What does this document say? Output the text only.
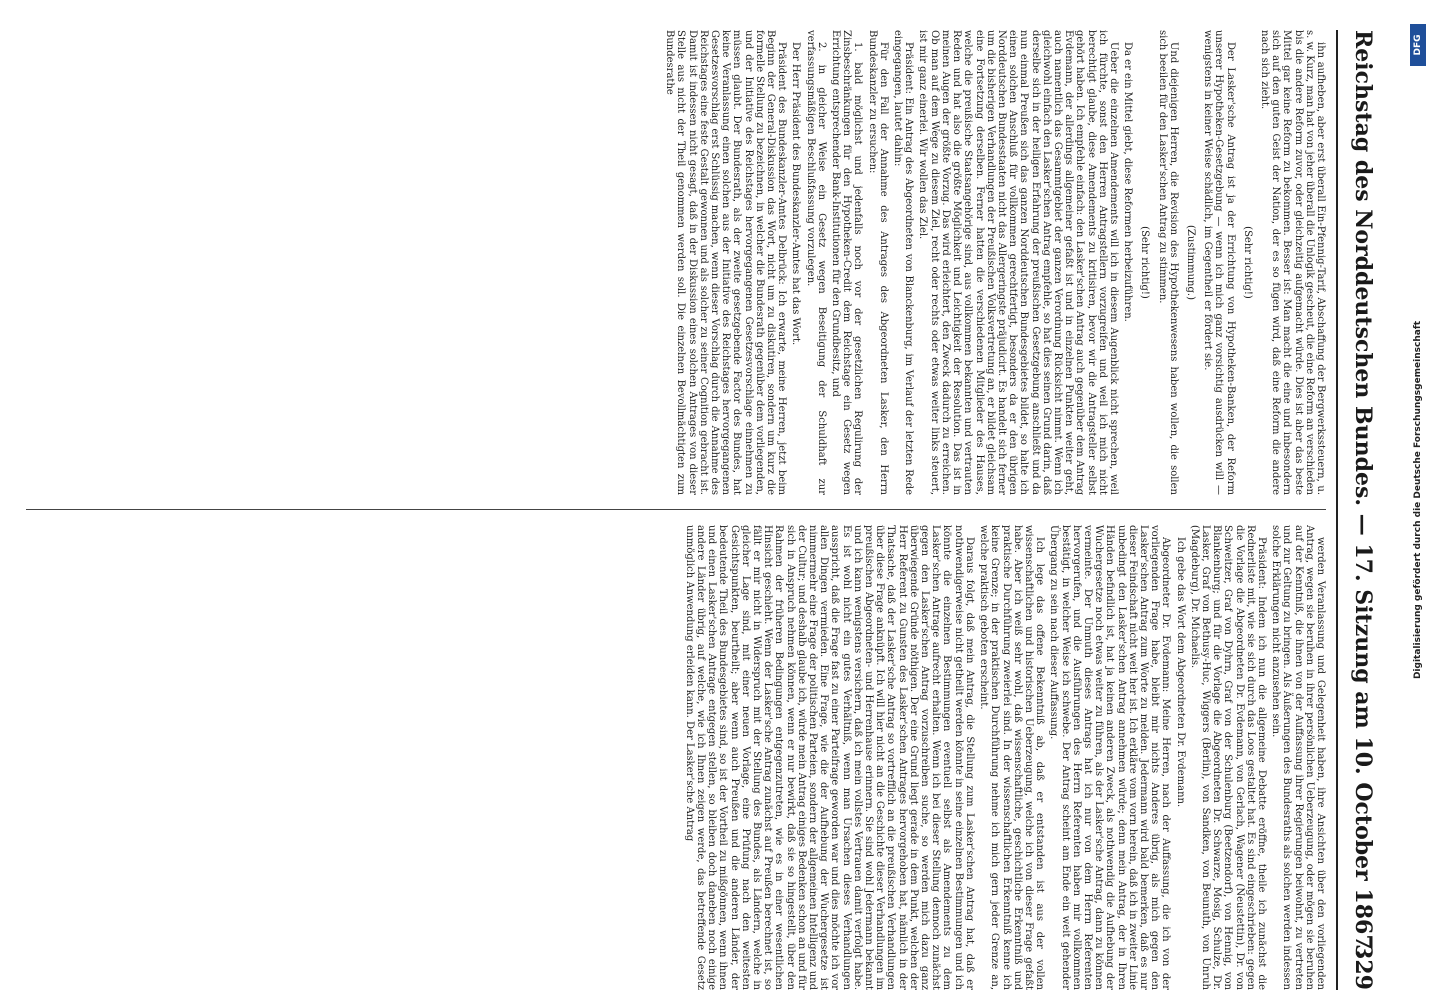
Reichstag des Norddeutschen Bundes. — 17. Sitzung am 10. October 1867.
329

ihn aufheben, aber erst überall Ein-Pfennig-Tarif, Abschaffung der Bergwerkssteuern, u. s. w. Kurz, man hat von jeher überall die Unlogik gescheut, die eine Reform an verschieden bis die andere Reform zuvor, oder gleichzeitig aufgemacht würde. Dies ist aber das beste Mittel gar keine Reform zu bekommen. Besser ist: Man macht die eine und inbesondern sich auf den guten Geist der Nation, der es so fügen wird, daß eine Reform die andere nach sich zieht.

(Sehr richtig!)

Der Lasker'sche Antrag ist ja der Errichtung von Hypotheken-Banken, der Reform unserer Hypotheken-Gesetzgebung — wenn ich mich ganz vorsichtig ausdrücken will — wenigstens in keiner Weise schädlich, im Gegentheil er fördert sie.

(Zustimmung.)

Und diejenigen Herren, die Revision des Hypothekenwesens haben wollen, die sollen sich beeilen für den Lasker'schen Antrag zu stimmen.

(Sehr richtig!)

Da er ein Mittel giebt, diese Reformen herbeizuführen.

Ueber die einzelnen Amendements will ich in diesem Augenblick nicht sprechen, weil ich fürchte, sonst den Herren Antragstellern vorzugreifen und weil ich mich nicht berechtigt glaube, diese Amendements zu kritisiren, bevor wir die Antragsteller selbst gehört haben. Ich empfehle einfach: den Lasker'schen Antrag auch gegenüber dem Antrag Evdemann, der allerdings allgemeiner gefaßt ist und in einzelnen Punkten weiter geht, auch namentlich das Gesammtgebiet der ganzen Verordnung Rücksicht nimmt. Wenn ich gleichwohl einfach den Lasker'schen Antrag empfehle, so hat dies seinen Grund darin, daß derselbe sich in der heiligen Erfahrung der preußischen Gesetzgebung anschließt und da nun einmal Preußen sich das ganzen Norddeutschen Bundesgebietes bildet, so halte ich einen solchen Anschluß für vollkommen gerechtfertigt, besonders da er den übrigen Norddeutschen Bundesstaaten nicht das Allergeringste präjudicirt. Es handelt sich ferner um die bisherigen Verhandlungen der Preußischen Volksvertretung an, er bildet gleichsam eine Fortsetzung derselben. Ferner hatten die verschiedenen Mitglieder des Hauses, welche die preußische Staatsangehörige sind, aus vollkommen bekannten und vertrauten Reden und hat also die größte Möglichkeit und Leichtigkeit der Resolution. Das ist in meinen Augen der größte Vorzug. Das wird erleichtert, den Zweck dadurch zu erreichen. Ob man auf dem Wege zu diesem Ziel, recht oder rechts oder etwas weiter links steuert, ist mir ganz einerlei. Wir wollen das Ziel.

Präsident: Ein Antrag des Abgeordneten von Blanckenburg, im Verlauf der letzten Rede eingegangen, lautet dahin:

Für den Fall der Annahme des Antrages des Abgeordneten Lasker, den Herrn Bundeskanzler zu ersuchen:

1. bald möglichst und jedenfalls noch vor der gesetzlichen Regulirung der Zinsbeschränkungen für den Hypotheken-Credit dem Reichstage ein Gesetz wegen Errichtung entsprechender Bank-Institutionen für den Grundbesitz, und

2. in gleicher Weise ein Gesetz wegen Beseitigung der Schuldhaft zur verfassungsmäßigen Beschlußfassung vorzulegen.

Der Herr Präsident des Bundeskanzler-Amtes hat das Wort.

Präsident des Bundeskanzler-Amtes Delbrück: Ich erwarte, meine Herren, jetzt beim Beginn der General-Diskussion das Wort, nicht um zu diskutiren, sondern um kurz die formelle Stellung zu bezeichnen, in welcher die Bundesrath gegenüber dem vorliegenden, und der Initiative des Reichstages hervorgegangenen Gesetzesvorschlage einnehmen zu müssen glaubt. Der Bundesrath, als der zweite gesetzgebende Factor des Bundes, hat keine Veranlassung einen solchen aus der Initiative des Reichstages hervorgegangenen Gesetzesvorschlag erst Schlüssig machen, wenn dieser Vorschlag durch die Annahme des Reichstages eine feste Gestalt gewonnen und als solcher zu seiner Cognition gebracht ist. Damit ist indessen nicht gesagt, daß in der Diskussion eines solchen Antrages von dieser Stelle aus nicht der Theil genommen werden soll. Die einzelnen Bevollmächtigten zum Bundesrathe

werden Veranlassung und Gelegenheit haben, ihre Ansichten über den vorliegenden Antrag, wegen sie beruhen in ihrer persönlichen Ueberzeugung, oder mögen sie beruhen auf der Kenntniß, die ihnen von der Auffassung ihrer Regierungen beiwohnt, zu vertreten und zur Geltung zu bringen. Als Äußerungen des Bundesraths als solchen werden indessen solche Erklärungen nicht anzusehen sein.

Präsident: Indem ich nun die allgemeine Debatte eröffne, theile ich zunächst die Rednerliste mit, wie sie sich durch das Loos gestaltet hat. Es sind eingeschrieben: gegen die Vorlage die Abgeordneten Dr. Evdemann, von Gerlach, Wagener (Neustettin), Dr. von Schweitzer, Graf von Dyhrn, Graf von der Schulenburg (Beetzendorf), von Hennig, von Blankenburg; und für die Vorlage die Abgeordneten Dr. Schwarze, Mosig, Schulze, Dr. Lasker, Graf von Bethusy-Huc, Wiggers (Berlin), von Sandken, von Beunuth, von Unruh (Magdeburg), Dr. Michaelis.

Ich gebe das Wort dem Abgeordneten Dr. Evdemann.

Abgeordneter Dr. Evdemann: Meine Herren, nach der Auffassung, die ich von der vorliegenden Frage habe, bleibt mir nichts Anderes übrig, als mich gegen den Lasker'schen Antrag zum Worte zu melden. Jedermann wird bald bemerken, daß es nur dieser Feindschaft nicht weit her ist. Ich erkläre vom vorn herein, daß ich in zweiter Linie unbedingt den Lasker'schen Antrag annehmen würde; denn mein Antrag, der in Ihren Händen befindlich ist, hat ja keinen anderen Zweck, als nothwendig die Aufhebung der Wuchergesetze noch etwas weiter zu führen, als der Lasker'sche Antrag, dann zu können vermeinte. Der Unmuth dieses Antrags hat ich nur von dem Herrn Referenten hervorgerufen, und die Ausführungen des Herrn Referenten haben mir vollkommen bestätigt, in welcher Weise ich schwebe. Der Antrag scheint am Ende ein weit gehender Übergang zu sein nach dieser Auffassung.

Ich lege das offene Bekenntniß ab, daß er entstanden ist aus der vollen wissenschaftlichen und historischen Ueberzeugung, welche ich von dieser Frage gefaßt habe. Aber ich weiß sehr wohl, daß wissenschaftliche, geschichtliche Erkenntniß und praktische Durchführung zweierlei sind. In der wissenschaftlichen Erkenntniß kenne ich keine Grenze; in der praktischen Durchführung nehme ich mich gern jeder Grenze an, welche praktisch geboten erscheint.

Daraus folgt, daß mein Antrag, die Stellung zum Lasker'schen Antrag hat, daß er nothwendigerweise nicht getheilt werden könnte in seine einzelnen Bestimmungen und ich könnte die einzelnen Bestimmungen eventuell selbst als Amendements zu dem Lasker'schen Antrage aufrecht erhalten. Wenn ich bei dieser Stellung dennoch zunächst gegen den Lasker'schen Antrag vorzuschreiben suche, so werden mich dazu ganz überwiegende Gründe nöthigen. Der eine Grund liegt gerade in dem Punkt, welchen der Herr Referent zu Gunsten des Lasker'schen Antrages hervorgehoben hat, nämlich in der Thatsache, daß der Lasker'sche Antrag so vortrefflich an die preußischen Verhandlungen über diese Frage anknüpft. Ich will hier nicht an die Geschichte dieser Verhandlungen im preußischen Abgeordneten- und Herrenhause erinnern. Sie sind wohl Jedermann bekannt und ich kann wenigstens versichern, daß ich mein vollstes Vertrauen damit verfolgt habe. Es ist wohl nicht ein gutes Verhältniß, wenn man Ursachen dieses Verhandlungen ausspricht, daß die Frage fast zu einer Parteifrage geworden war und dies möchte ich vor allen Dingen vermieden. Eine Frage, wie die der Aufhebung der Wuchergesetze ist nimmermehr eine Frage der politischen Parteien, sondern der allgemeinen Intelligenz und der Cultur; und deshalb glaube ich, würde mein Antrag einiges Bedenken schon an und für sich in Anspruch nehmen können, wenn er nur bewirkt, daß sie so hingestellt, über den Rahmen der früheren Bedingungen entgegenzutreten, wie es in einer wesentlichen Hinsicht geschieht. Wenn der Lasker'sche Antrag zunächst auf Preußen berechnet ist, so fällt er mir nicht in Widerspruch mit der Stellung des Bundes, als Ländern, welche in gleicher Lage sind, mit einer neuen Vorlage, eine Prüfung nach den weitesten Gesichtspunkten, beurtheilt; aber wenn auch Preußen und die anderen Länder, der bedeutende Theil des Bundesgebietes sind, so ist der Vortheil zu mißgönnen, wenn ihnen und einen Lasker'schen Antrage entgegen stellen, so bleiben doch daneben noch einige andere Länder übrig, auf welche, wie ich Ihnen zeigen werde, das betreffende Gesetz unmöglich Anwendung erleiden kann. Der Lasker'sche Antrag

Digitalisierung gefördert durch die Deutsche Forschungsgemeinschaft
DFG
